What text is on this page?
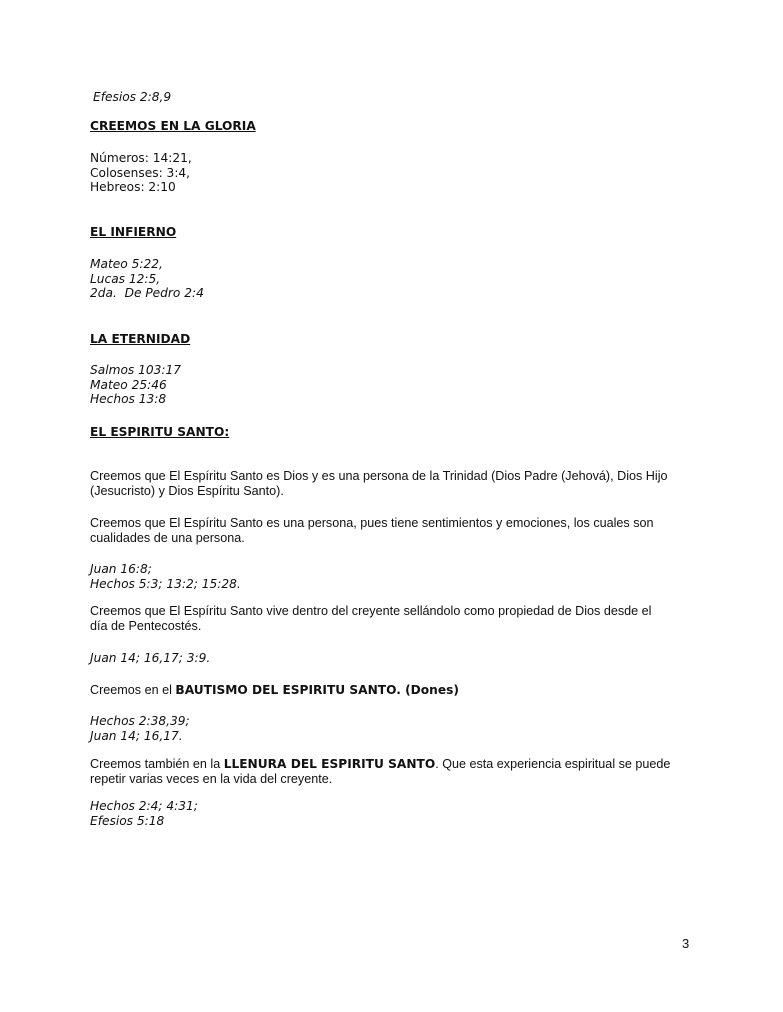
Efesios 2:8,9
CREEMOS EN LA GLORIA
Números: 14:21,
Colosenses: 3:4,
Hebreos: 2:10
EL INFIERNO
Mateo 5:22,
Lucas 12:5,
2da.  De Pedro 2:4
LA ETERNIDAD
Salmos 103:17
Mateo 25:46
Hechos 13:8
EL ESPIRITU SANTO:
Creemos que El Espíritu Santo es Dios y es una persona de la Trinidad (Dios Padre (Jehová), Dios Hijo
(Jesucristo) y Dios Espíritu Santo).
Creemos que El Espíritu Santo es una persona, pues tiene sentimientos y emociones, los cuales son
cualidades de una persona.
Juan 16:8;
Hechos 5:3; 13:2; 15:28.
Creemos que El Espíritu Santo vive dentro del creyente sellándolo como propiedad de Dios desde el
día de Pentecostés.
Juan 14; 16,17; 3:9.
Creemos en el BAUTISMO DEL ESPIRITU SANTO. (Dones)
Hechos 2:38,39;
Juan 14; 16,17.
Creemos también en la LLENURA DEL ESPIRITU SANTO. Que esta experiencia espiritual se puede
repetir varias veces en la vida del creyente.
Hechos 2:4; 4:31;
Efesios 5:18
3
